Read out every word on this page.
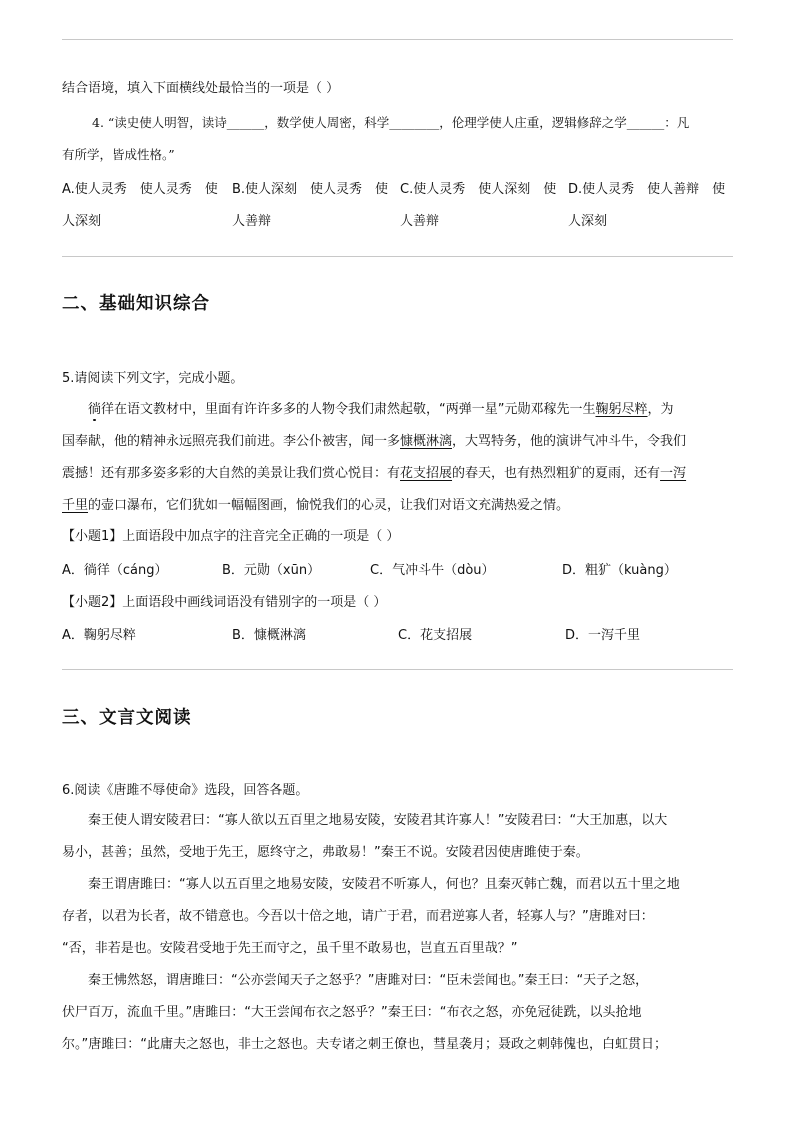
结合语境，填入下面横线处最恰当的一项是（ ）
4. “读史使人明智，读诗______，数学使人周密，科学________，伦理学使人庄重，逻辑修辞之学______：凡
有所学，皆成性格。”
A.使人灵秀　使人灵秀　使
人深刻
B.使人深刻　使人灵秀　使
人善辩
C.使人灵秀　使人深刻　使
人善辩
D.使人灵秀　使人善辩　使
人深刻
二、基础知识综合
5.请阅读下列文字，完成小题。
徜徉在语文教材中，里面有许许多多的人物令我们肃然起敬，“两弹一星”元勋邓稼先一生鞠躬尽粹，为
国奉献，他的精神永远照亮我们前进。李公仆被害，闻一多慷概淋漓，大骂特务，他的演讲气冲斗牛，令我们
震撼！还有那多姿多彩的大自然的美景让我们赏心悦目：有花支招展的春天，也有热烈粗犷的夏雨，还有一泻
千里的壶口瀑布，它们犹如一幅幅图画，愉悦我们的心灵，让我们对语文充满热爱之情。
【小题1】上面语段中加点字的注音完全正确的一项是（ ）
A．徜徉（cáng）	B．元勋（xūn）	C．气冲斗牛（dòu）	D．粗犷（kuàng）
【小题2】上面语段中画线词语没有错别字的一项是（ ）
A．鞠躬尽粹	B．慷概淋漓	C．花支招展	D．一泻千里
三、文言文阅读
6.阅读《唐雎不辱使命》选段，回答各题。
　　秦王使人谓安陵君曰：“寡人欲以五百里之地易安陵，安陵君其许寡人！”安陵君曰：“大王加惠，以大
易小，甚善；虽然，受地于先王，愿终守之，弗敢易！”秦王不说。安陵君因使唐雎使于秦。
　　秦王谓唐雎曰：“寡人以五百里之地易安陵，安陵君不听寡人，何也？且秦灭韩亡魏，而君以五十里之地
存者，以君为长者，故不错意也。今吾以十倍之地，请广于君，而君逆寡人者，轻寡人与？”唐雎对曰：
“否，非若是也。安陵君受地于先王而守之，虽千里不敢易也，岂直五百里哉？”
　　秦王怫然怒，谓唐雎曰：“公亦尝闻天子之怒乎？”唐雎对曰：“臣未尝闻也。”秦王曰：“天子之怒，
伏尸百万，流血千里。”唐雎曰：“大王尝闻布衣之怒乎？”秦王曰：“布衣之怒，亦免冠徒跣，以头抢地
尔。”唐雎曰：“此庸夫之怒也，非士之怒也。夫专诸之刺王僚也，彗星袭月；聂政之刺韩傀也，白虹贯日；
